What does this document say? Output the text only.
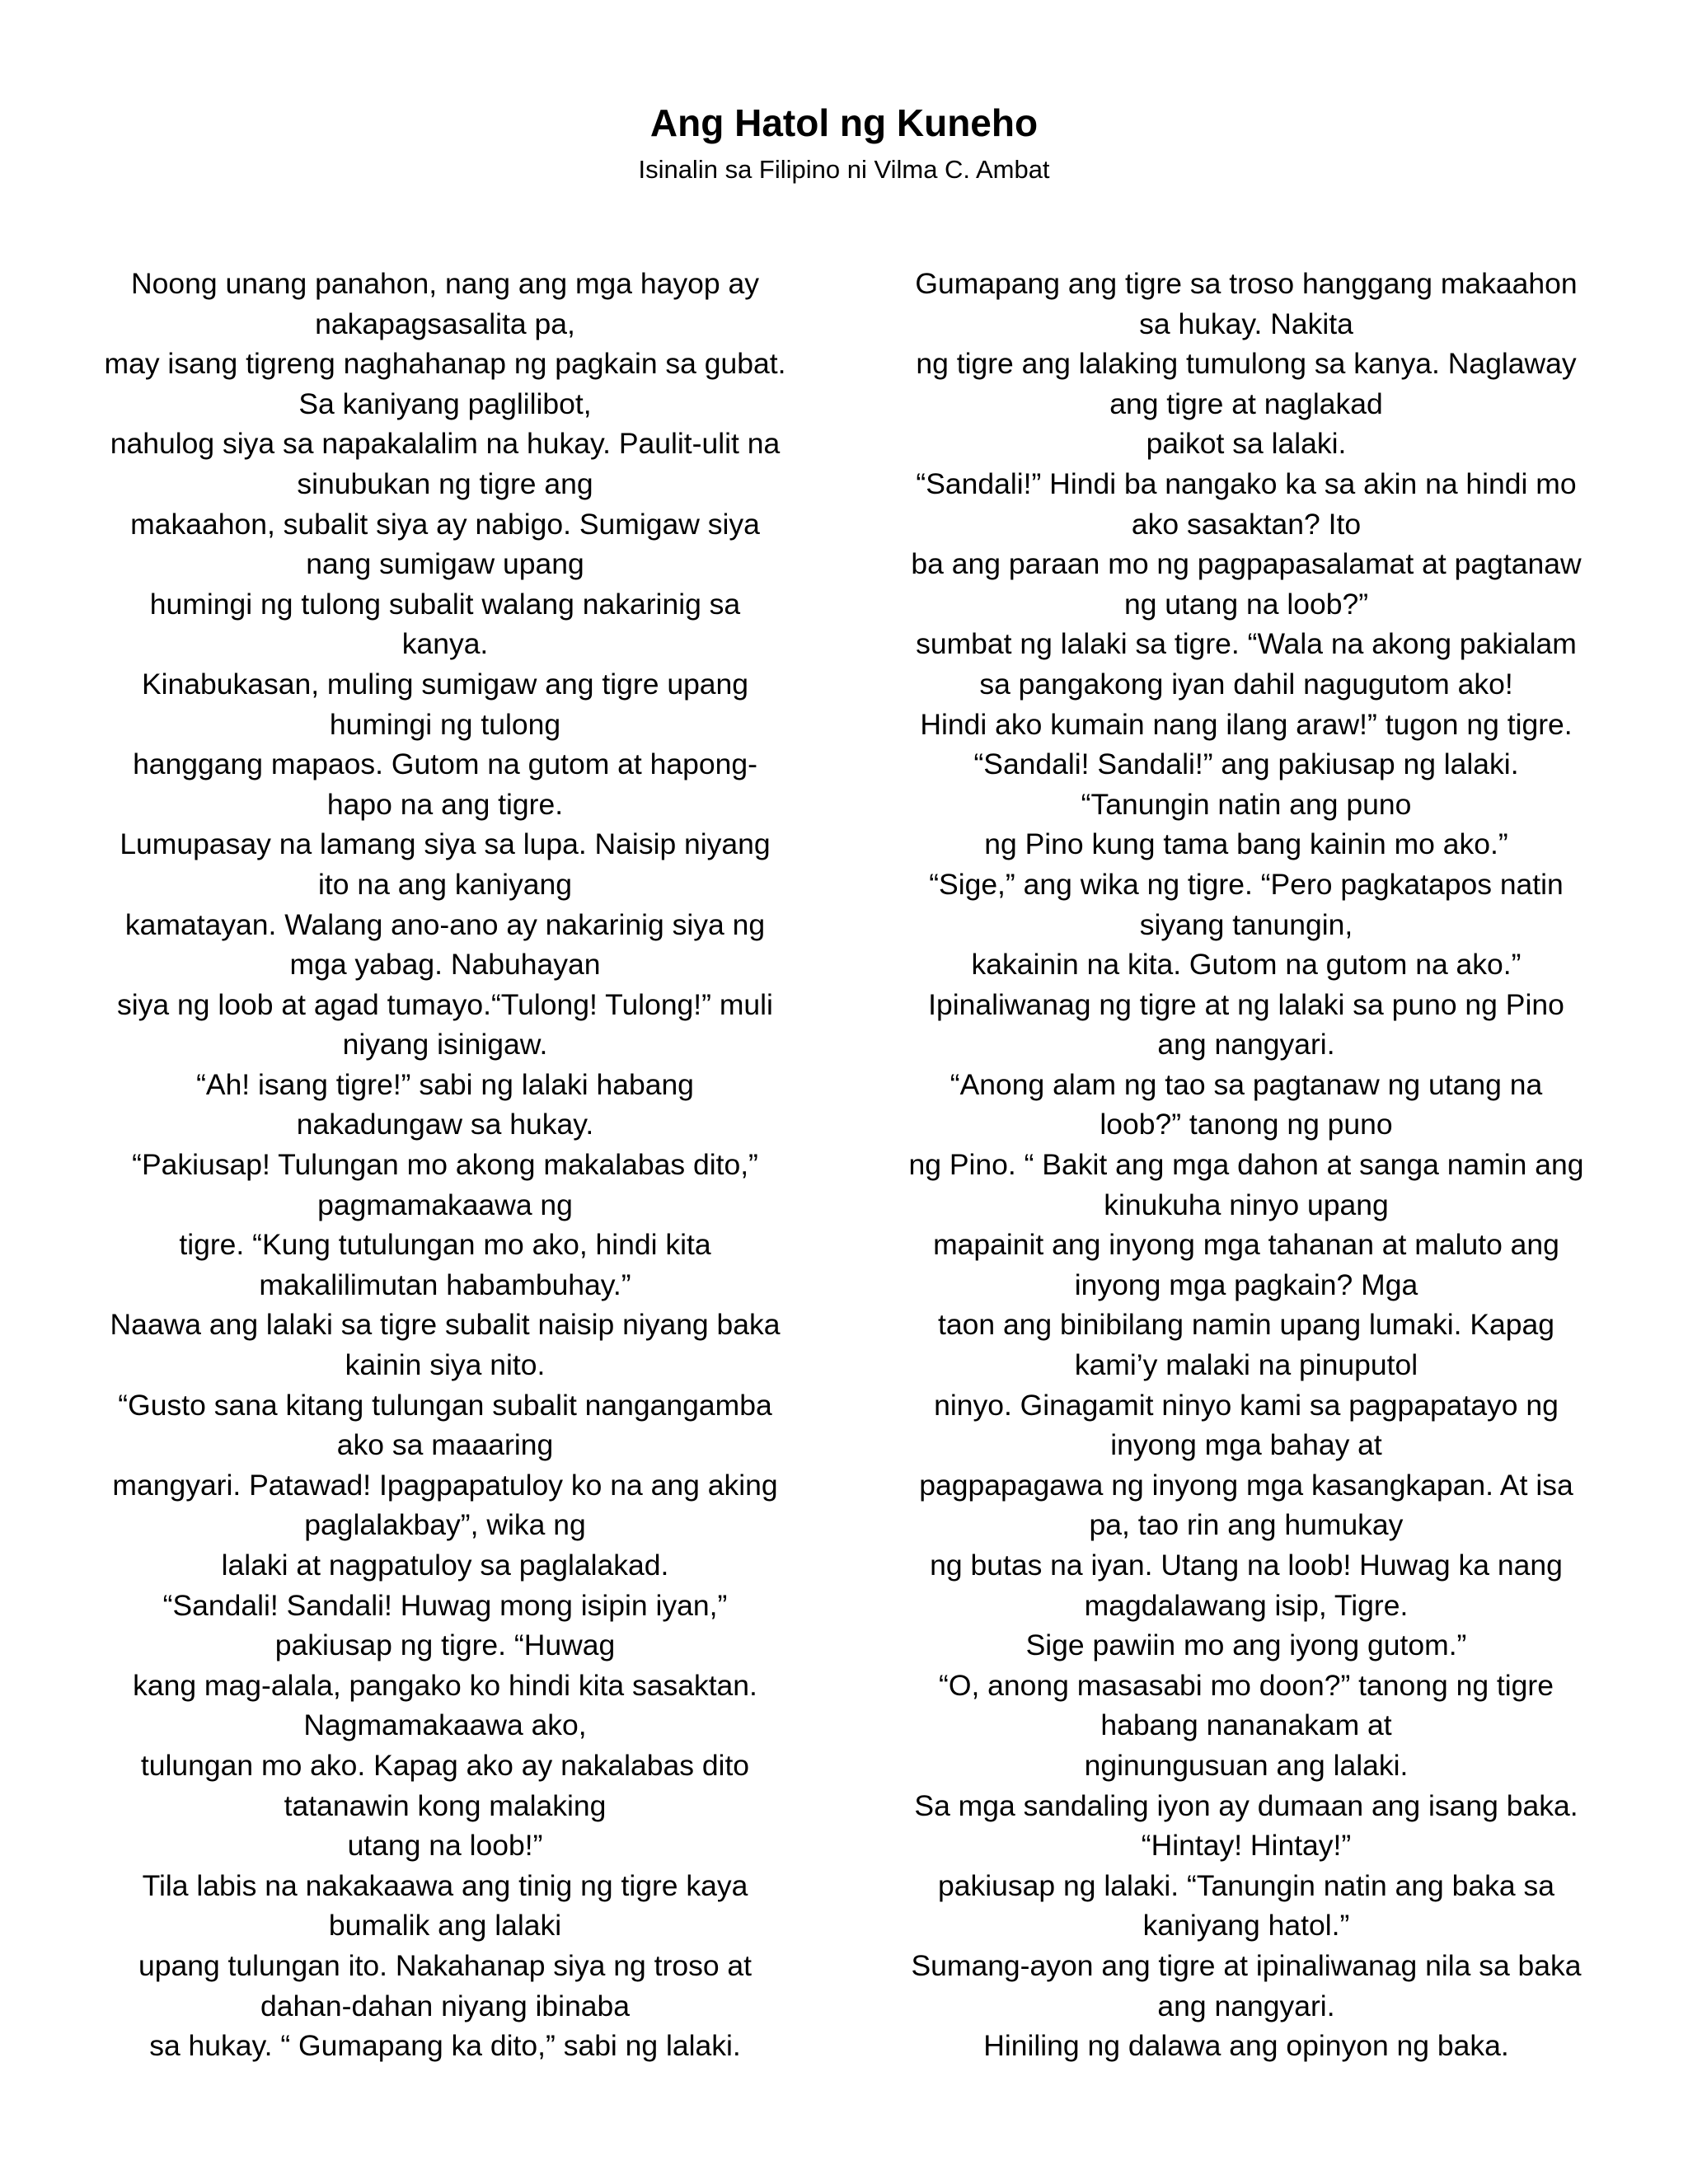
Ang Hatol ng Kuneho
Isinalin sa Filipino ni Vilma C. Ambat
Noong unang panahon, nang ang mga hayop ay
nakapagsasalita pa,
may isang tigreng naghahanap ng pagkain sa gubat.
Sa kaniyang paglilibot,
nahulog siya sa napakalalim na hukay. Paulit-ulit na
sinubukan ng tigre ang
makaahon, subalit siya ay nabigo. Sumigaw siya
nang sumigaw upang
humingi ng tulong subalit walang nakarinig sa
kanya.
Kinabukasan, muling sumigaw ang tigre upang
humingi ng tulong
hanggang mapaos. Gutom na gutom at hapong-
hapo na ang tigre.
Lumupasay na lamang siya sa lupa. Naisip niyang
ito na ang kaniyang
kamatayan. Walang ano-ano ay nakarinig siya ng
mga yabag. Nabuhayan
siya ng loob at agad tumayo.“Tulong! Tulong!” muli
niyang isinigaw.
“Ah! isang tigre!” sabi ng lalaki habang
nakadungaw sa hukay.
“Pakiusap! Tulungan mo akong makalabas dito,”
pagmamakaawa ng
tigre. “Kung tutulungan mo ako, hindi kita
makalilimutan habambuhay.”
Naawa ang lalaki sa tigre subalit naisip niyang baka
kainin siya nito.
“Gusto sana kitang tulungan subalit nangangamba
ako sa maaaring
mangyari. Patawad! Ipagpapatuloy ko na ang aking
paglalakbay”, wika ng
lalaki at nagpatuloy sa paglalakad.
“Sandali! Sandali! Huwag mong isipin iyan,”
pakiusap ng tigre. “Huwag
kang mag-alala, pangako ko hindi kita sasaktan.
Nagmamakaawa ako,
tulungan mo ako. Kapag ako ay nakalabas dito
tatanawin kong malaking
utang na loob!”
Tila labis na nakakaawa ang tinig ng tigre kaya
bumalik ang lalaki
upang tulungan ito. Nakahanap siya ng troso at
dahan-dahan niyang ibinaba
sa hukay. “ Gumapang ka dito,” sabi ng lalaki.
Gumapang ang tigre sa troso hanggang makaahon
sa hukay. Nakita
ng tigre ang lalaking tumulong sa kanya. Naglaway
ang tigre at naglakad
paikot sa lalaki.
“Sandali!” Hindi ba nangako ka sa akin na hindi mo
ako sasaktan? Ito
ba ang paraan mo ng pagpapasalamat at pagtanaw
ng utang na loob?”
sumbat ng lalaki sa tigre. “Wala na akong pakialam
sa pangakong iyan dahil nagugutom ako!
Hindi ako kumain nang ilang araw!” tugon ng tigre.
“Sandali! Sandali!” ang pakiusap ng lalaki.
“Tanungin natin ang puno
ng Pino kung tama bang kainin mo ako.”
“Sige,” ang wika ng tigre. “Pero pagkatapos natin
siyang tanungin,
kakainin na kita. Gutom na gutom na ako.”
Ipinaliwanag ng tigre at ng lalaki sa puno ng Pino
ang nangyari.
“Anong alam ng tao sa pagtanaw ng utang na
loob?” tanong ng puno
ng Pino. “ Bakit ang mga dahon at sanga namin ang
kinukuha ninyo upang
mapainit ang inyong mga tahanan at maluto ang
inyong mga pagkain? Mga
taon ang binibilang namin upang lumaki. Kapag
kami’y malaki na pinuputol
ninyo. Ginagamit ninyo kami sa pagpapatayo ng
inyong mga bahay at
pagpapagawa ng inyong mga kasangkapan. At isa
pa, tao rin ang humukay
ng butas na iyan. Utang na loob! Huwag ka nang
magdalawang isip, Tigre.
Sige pawiin mo ang iyong gutom.”
“O, anong masasabi mo doon?” tanong ng tigre
habang nananakam at
nginungusuan ang lalaki.
Sa mga sandaling iyon ay dumaan ang isang baka.
“Hintay! Hintay!”
pakiusap ng lalaki. “Tanungin natin ang baka sa
kaniyang hatol.”
Sumang-ayon ang tigre at ipinaliwanag nila sa baka
ang nangyari.
Hiniling ng dalawa ang opinyon ng baka.
